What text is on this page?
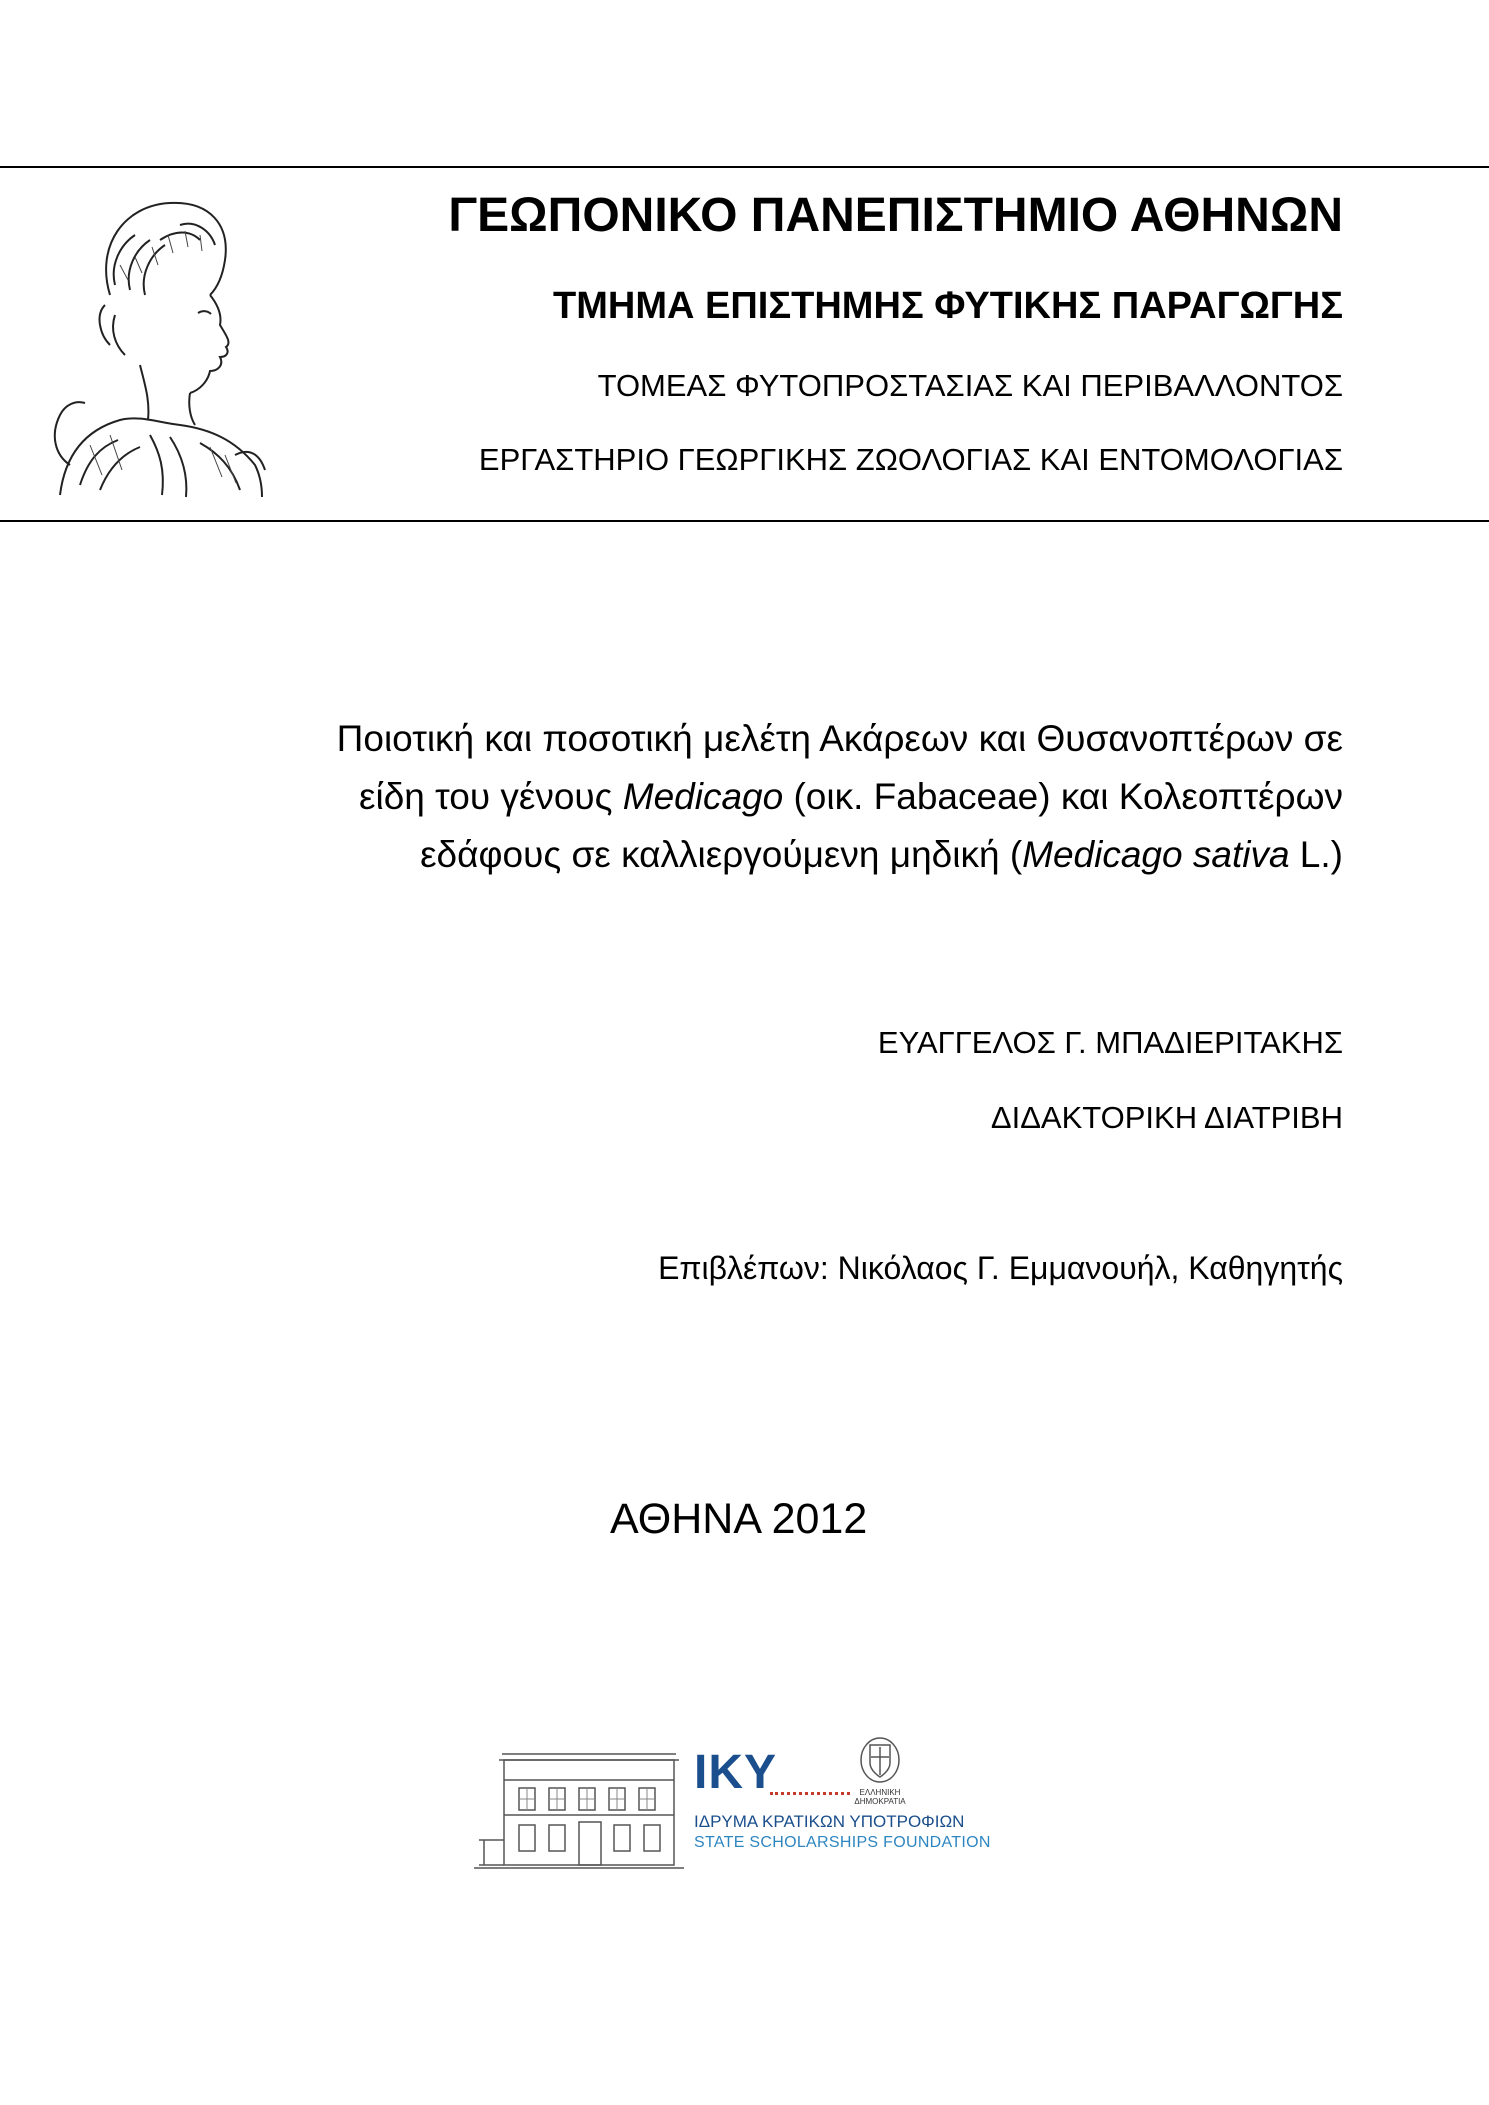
ΓΕΩΠΟΝΙΚΟ ΠΑΝΕΠΙΣΤΗΜΙΟ ΑΘΗΝΩΝ
ΤΜΗΜΑ ΕΠΙΣΤΗΜΗΣ ΦΥΤΙΚΗΣ ΠΑΡΑΓΩΓΗΣ
ΤΟΜΕΑΣ ΦΥΤΟΠΡΟΣΤΑΣΙΑΣ ΚΑΙ ΠΕΡΙΒΑΛΛΟΝΤΟΣ
ΕΡΓΑΣΤΗΡΙΟ ΓΕΩΡΓΙΚΗΣ ΖΩΟΛΟΓΙΑΣ ΚΑΙ ΕΝΤΟΜΟΛΟΓΙΑΣ
Ποιοτική και ποσοτική μελέτη Ακάρεων και Θυσανοπτέρων σε
είδη του γένους Medicago (οικ. Fabaceae) και Κολεοπτέρων
εδάφους σε καλλιεργούμενη μηδική (Medicago sativa L.)
ΕΥΑΓΓΕΛΟΣ Γ. ΜΠΑΔΙΕΡΙΤΑΚΗΣ
ΔΙΔΑΚΤΟΡΙΚΗ ΔΙΑΤΡΙΒΗ
Επιβλέπων: Νικόλαος Γ. Εμμανουήλ, Καθηγητής
ΑΘΗΝΑ 2012
IKY	ΕΛΛΗΝΙΚΗ
ΔΗΜΟΚΡΑΤΙΑ
ΙΔΡΥΜΑ ΚΡΑΤΙΚΩΝ ΥΠΟΤΡΟΦΙΩΝ
STATE SCHOLARSHIPS FOUNDATION
